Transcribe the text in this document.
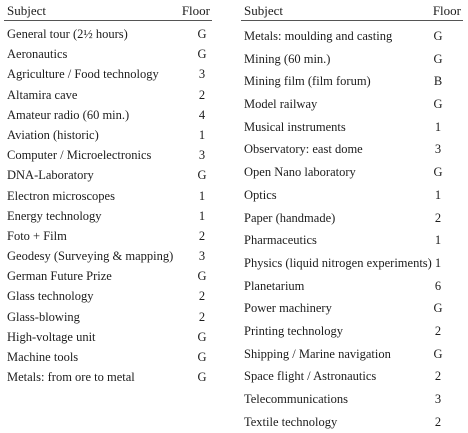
Subject	Floor
General tour (2½ hours)	G
Aeronautics	G
Agriculture / Food technology	3
Altamira cave	2
Amateur radio (60 min.)	4
Aviation (historic)	1
Computer / Microelectronics	3
DNA-Laboratory	G
Electron microscopes	1
Energy technology	1
Foto + Film	2
Geodesy (Surveying & mapping) 3
German Future Prize	G
Glass technology	2
Glass-blowing	2
High-voltage unit	G
Machine tools	G
Metals: from ore to metal	G
Subject	Floor
Metals: moulding and casting	G
Mining (60 min.)	G
Mining film (film forum)	B
Model railway	G
Musical instruments	1
Observatory: east dome	3
Open Nano laboratory	G
Optics	1
Paper (handmade)	2
Pharmaceutics	1
Physics (liquid nitrogen experiments) 1
Planetarium	6
Power machinery	G
Printing technology	2
Shipping / Marine navigation	G
Space flight / Astronautics	2
Telecommunications	3
Textile technology	2
